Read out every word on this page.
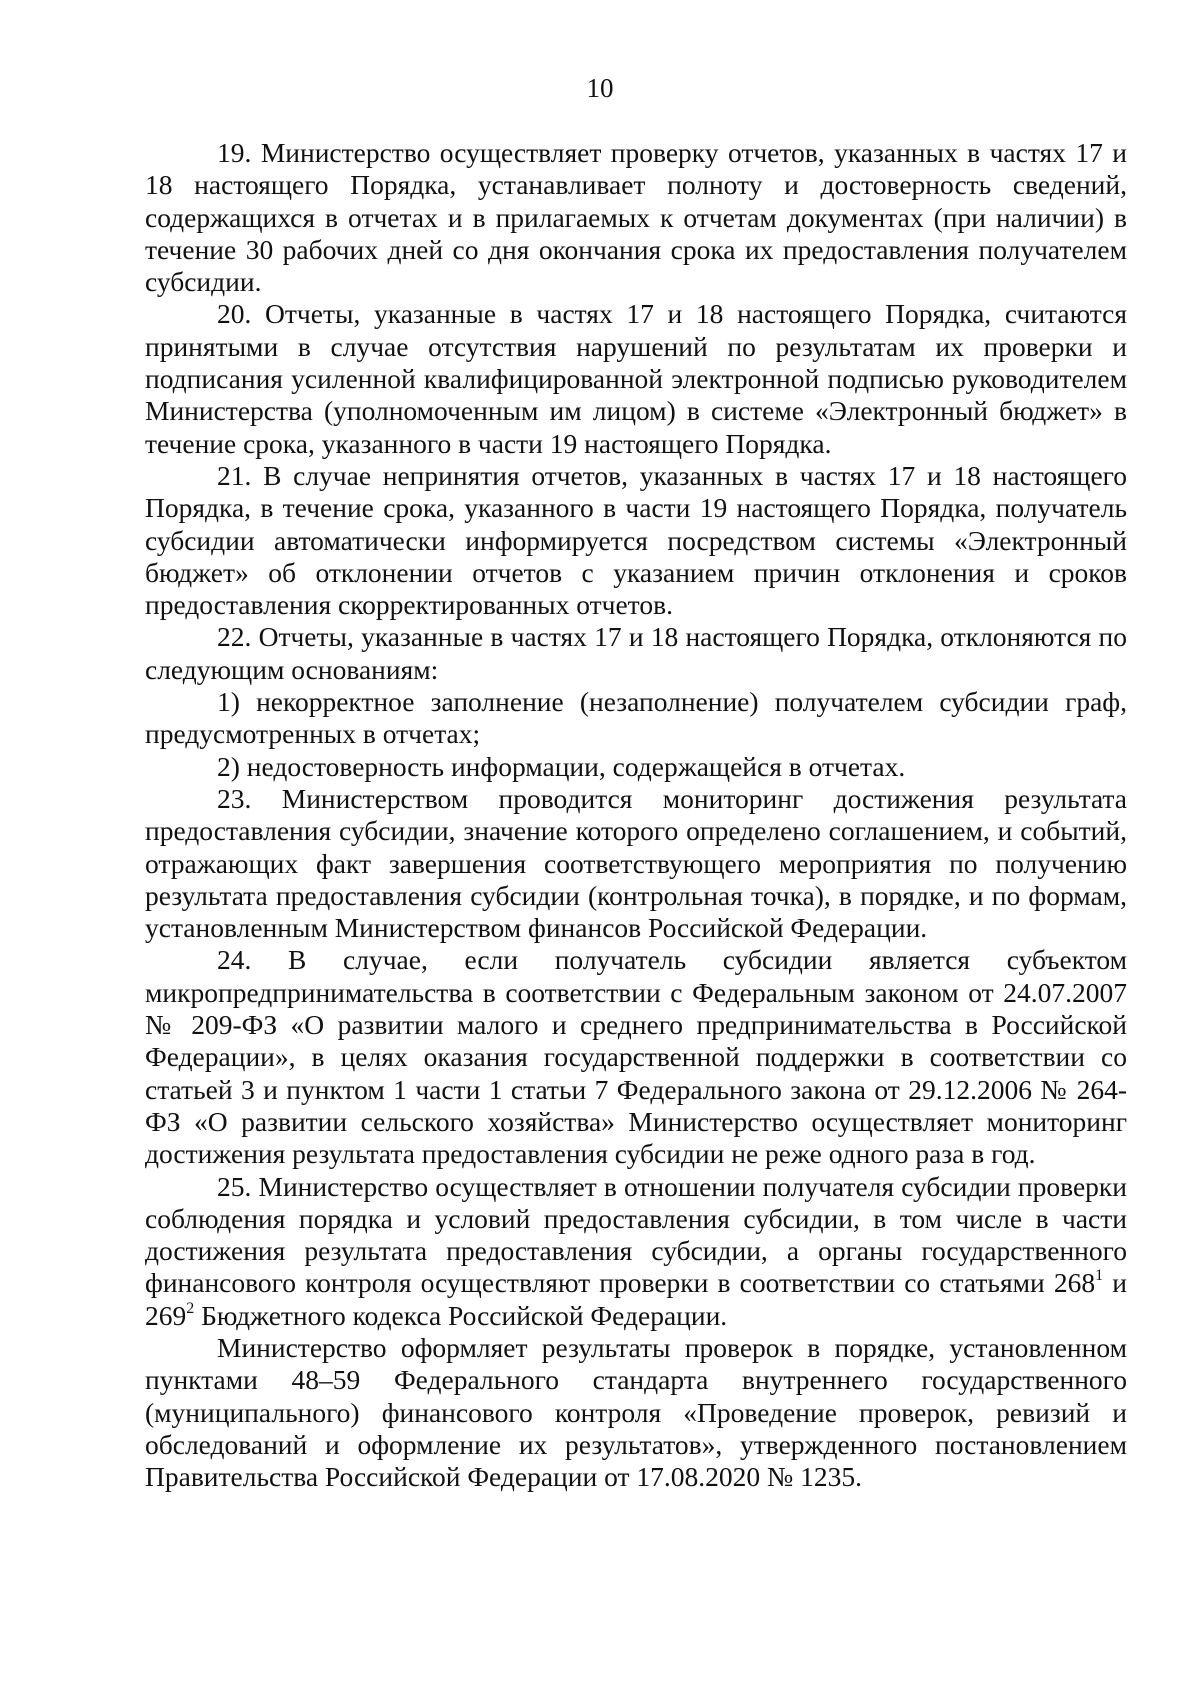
10

19. Министерство осуществляет проверку отчетов, указанных в частях 17 и 18 настоящего Порядка, устанавливает полноту и достоверность сведений, содержащихся в отчетах и в прилагаемых к отчетам документах (при наличии) в течение 30 рабочих дней со дня окончания срока их предоставления получателем субсидии.

20. Отчеты, указанные в частях 17 и 18 настоящего Порядка, считаются принятыми в случае отсутствия нарушений по результатам их проверки и подписания усиленной квалифицированной электронной подписью руководителем Министерства (уполномоченным им лицом) в системе «Электронный бюджет» в течение срока, указанного в части 19 настоящего Порядка.

21. В случае непринятия отчетов, указанных в частях 17 и 18 настоящего Порядка, в течение срока, указанного в части 19 настоящего Порядка, получатель субсидии автоматически информируется посредством системы «Электронный бюджет» об отклонении отчетов с указанием причин отклонения и сроков предоставления скорректированных отчетов.

22. Отчеты, указанные в частях 17 и 18 настоящего Порядка, отклоняются по следующим основаниям:

1) некорректное заполнение (незаполнение) получателем субсидии граф, предусмотренных в отчетах;

2) недостоверность информации, содержащейся в отчетах.

23. Министерством проводится мониторинг достижения результата предоставления субсидии, значение которого определено соглашением, и событий, отражающих факт завершения соответствующего мероприятия по получению результата предоставления субсидии (контрольная точка), в порядке, и по формам, установленным Министерством финансов Российской Федерации.

24. В случае, если получатель субсидии является субъектом микропредпринимательства в соответствии с Федеральным законом от 24.07.2007 № 209-ФЗ «О развитии малого и среднего предпринимательства в Российской Федерации», в целях оказания государственной поддержки в соответствии со статьей 3 и пунктом 1 части 1 статьи 7 Федерального закона от 29.12.2006 № 264-ФЗ «О развитии сельского хозяйства» Министерство осуществляет мониторинг достижения результата предоставления субсидии не реже одного раза в год.

25. Министерство осуществляет в отношении получателя субсидии проверки соблюдения порядка и условий предоставления субсидии, в том числе в части достижения результата предоставления субсидии, а органы государственного финансового контроля осуществляют проверки в соответствии со статьями $268^1$ и $269^2$ Бюджетного кодекса Российской Федерации.

Министерство оформляет результаты проверок в порядке, установленном пунктами 48–59 Федерального стандарта внутреннего государственного (муниципального) финансового контроля «Проведение проверок, ревизий и обследований и оформление их результатов», утвержденного постановлением Правительства Российской Федерации от 17.08.2020 № 1235.
